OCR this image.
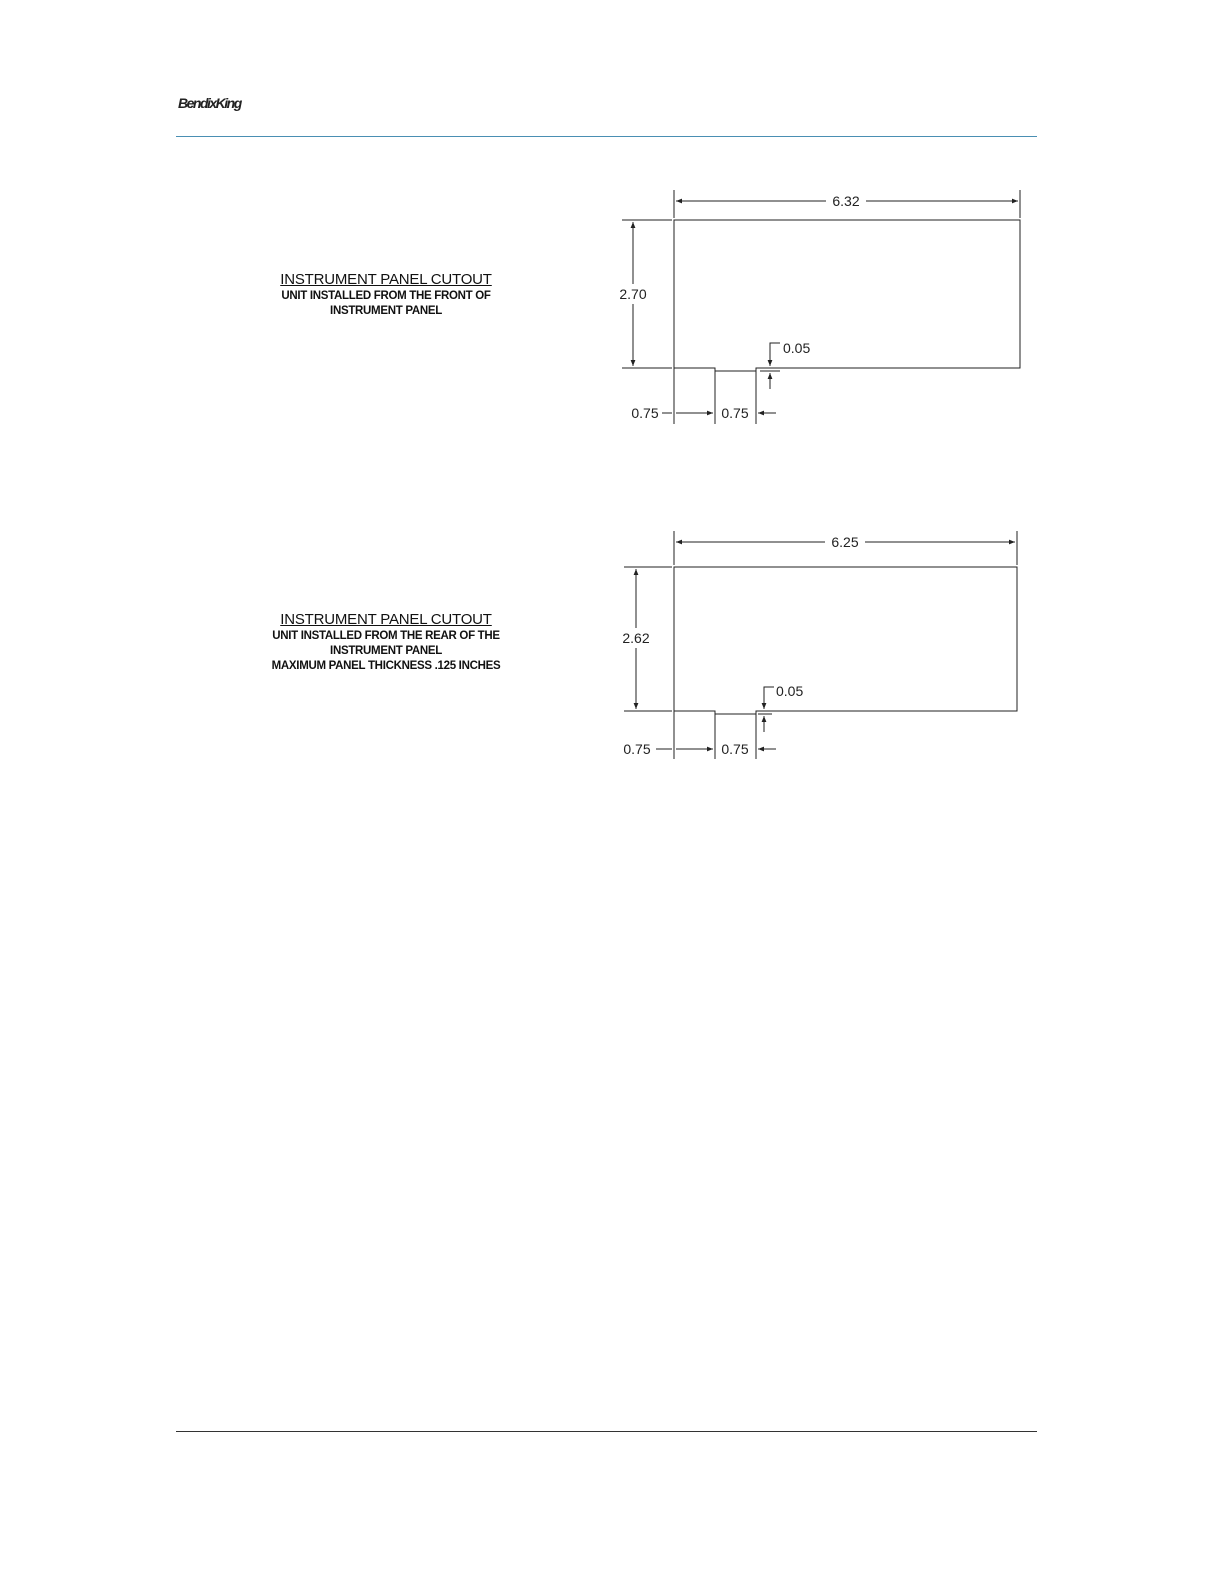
BendixKing
INSTRUMENT PANEL CUTOUT
UNIT INSTALLED FROM THE FRONT OF
INSTRUMENT PANEL
INSTRUMENT PANEL CUTOUT
UNIT INSTALLED FROM THE REAR OF THE
INSTRUMENT PANEL
MAXIMUM PANEL THICKNESS .125 INCHES
6.32
2.70
0.05
0.75	0.75
6.25
2.62
0.05
0.75	0.75
